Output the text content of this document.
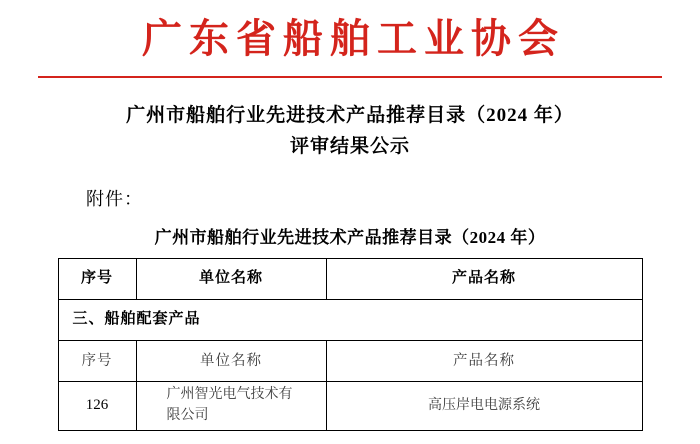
广东省船舶工业协会
广州市船舶行业先进技术产品推荐目录（2024 年）
评审结果公示
附件：
广州市船舶行业先进技术产品推荐目录（2024 年）
序号	单位名称	产品名称
三、船舶配套产品		
序号	单位名称	产品名称
126	广州智光电气技术有限公司	高压岸电电源系统
